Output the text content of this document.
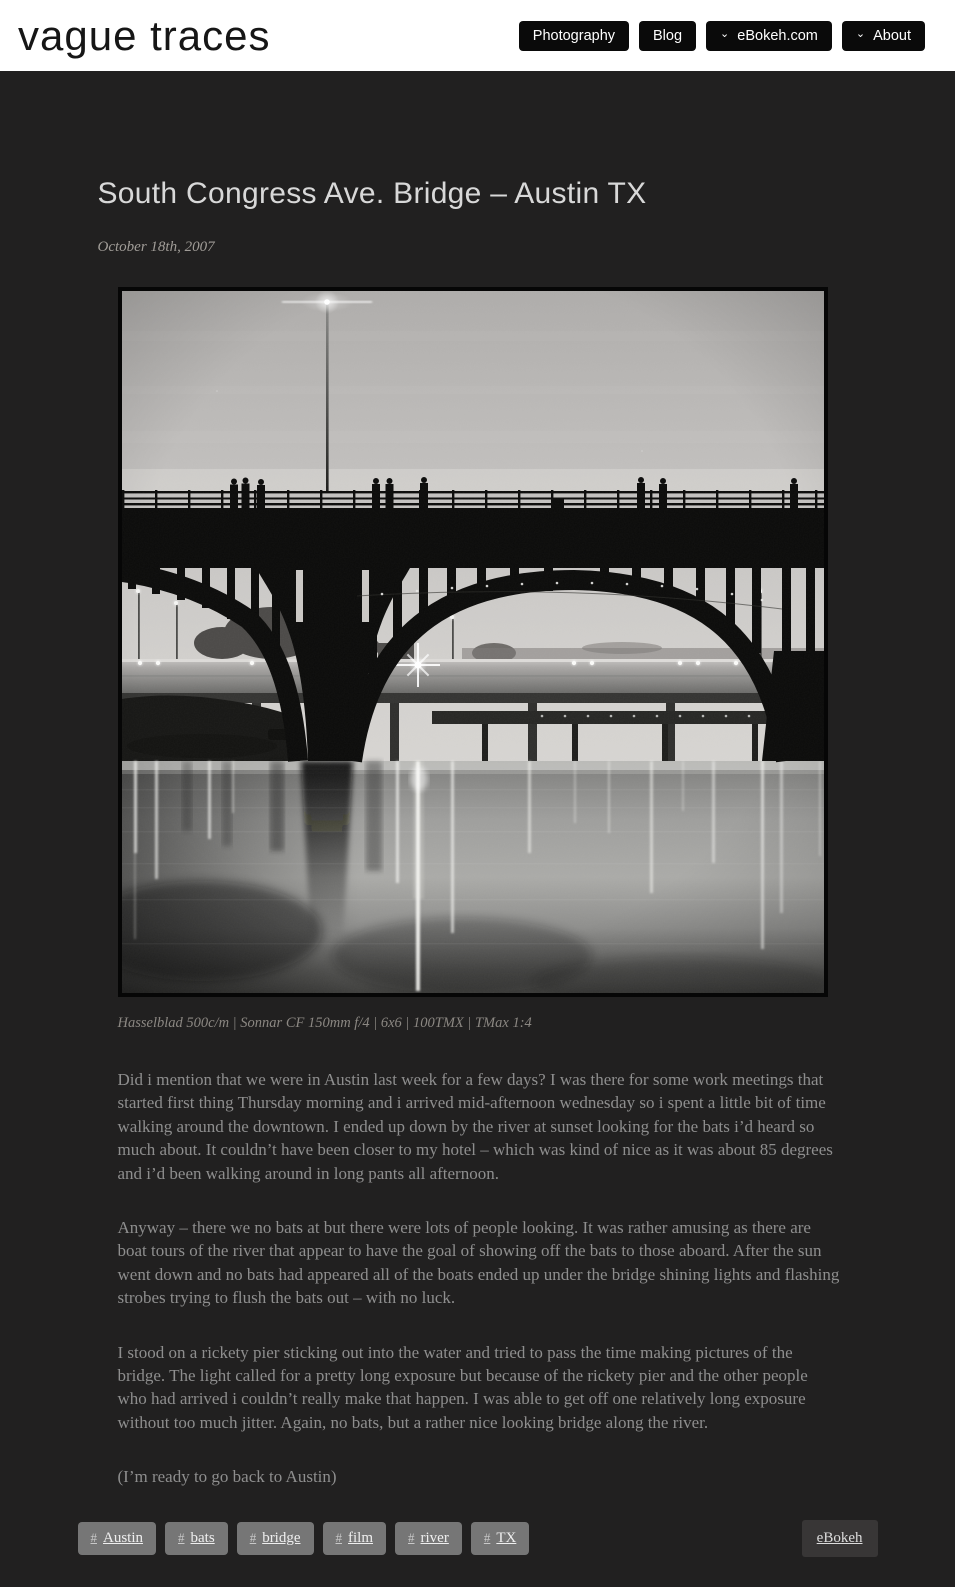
vague traces	Photography	Blog	⌄ eBokeh.com	⌄ About
South Congress Ave. Bridge – Austin TX
October 18th, 2007
Hasselblad 500c/m | Sonnar CF 150mm f/4 | 6x6 | 100TMX | TMax 1:4

Did i mention that we were in Austin last week for a few days? I was there for some work meetings that started first thing Thursday morning and i arrived mid-afternoon wednesday so i spent a little bit of time walking around the downtown. I ended up down by the river at sunset looking for the bats i’d heard so much about. It couldn’t have been closer to my hotel – which was kind of nice as it was about 85 degrees and i’d been walking around in long pants all afternoon.

Anyway – there we no bats at but there were lots of people looking. It was rather amusing as there are boat tours of the river that appear to have the goal of showing off the bats to those aboard. After the sun went down and no bats had appeared all of the boats ended up under the bridge shining lights and flashing strobes trying to flush the bats out – with no luck.

I stood on a rickety pier sticking out into the water and tried to pass the time making pictures of the bridge. The light called for a pretty long exposure but because of the rickety pier and the other people who had arrived i couldn’t really make that happen. I was able to get off one relatively long exposure without too much jitter. Again, no bats, but a rather nice looking bridge along the river.

(I’m ready to go back to Austin)

# Austin	# bats	# bridge	# film	# river	# TX	eBokeh
